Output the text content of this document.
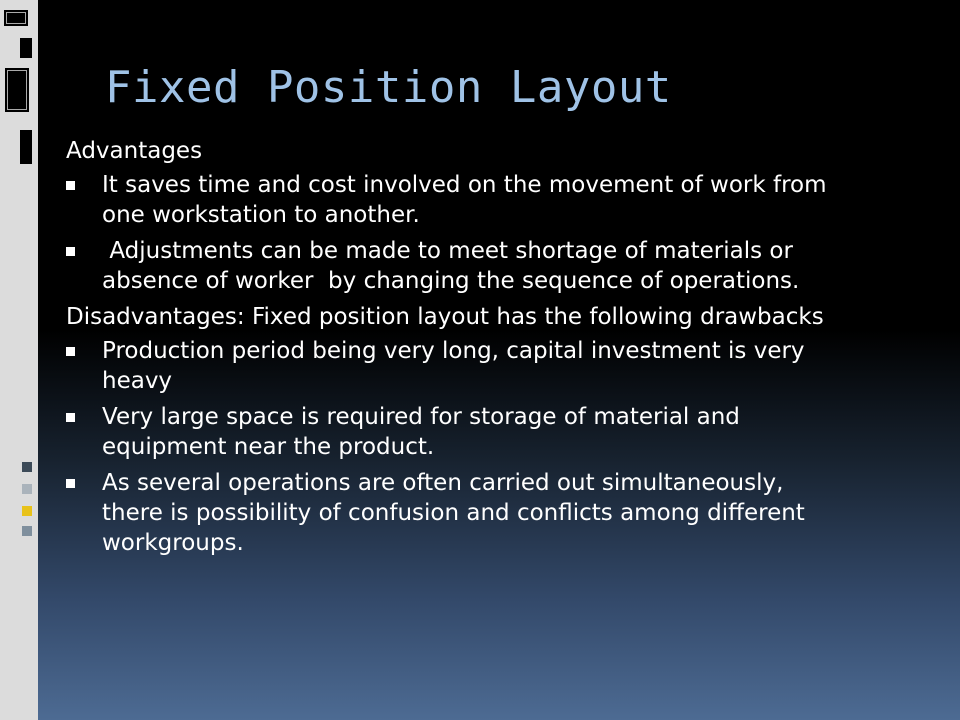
Fixed Position Layout

Advantages

It saves time and cost involved on the movement of work from one workstation to another.
Adjustments can be made to meet shortage of materials or absence of worker  by changing the sequence of operations.

Disadvantages: Fixed position layout has the following drawbacks

Production period being very long, capital investment is very heavy
Very large space is required for storage of material and equipment near the product.
As several operations are often carried out simultaneously, there is possibility of confusion and conflicts among different workgroups.
